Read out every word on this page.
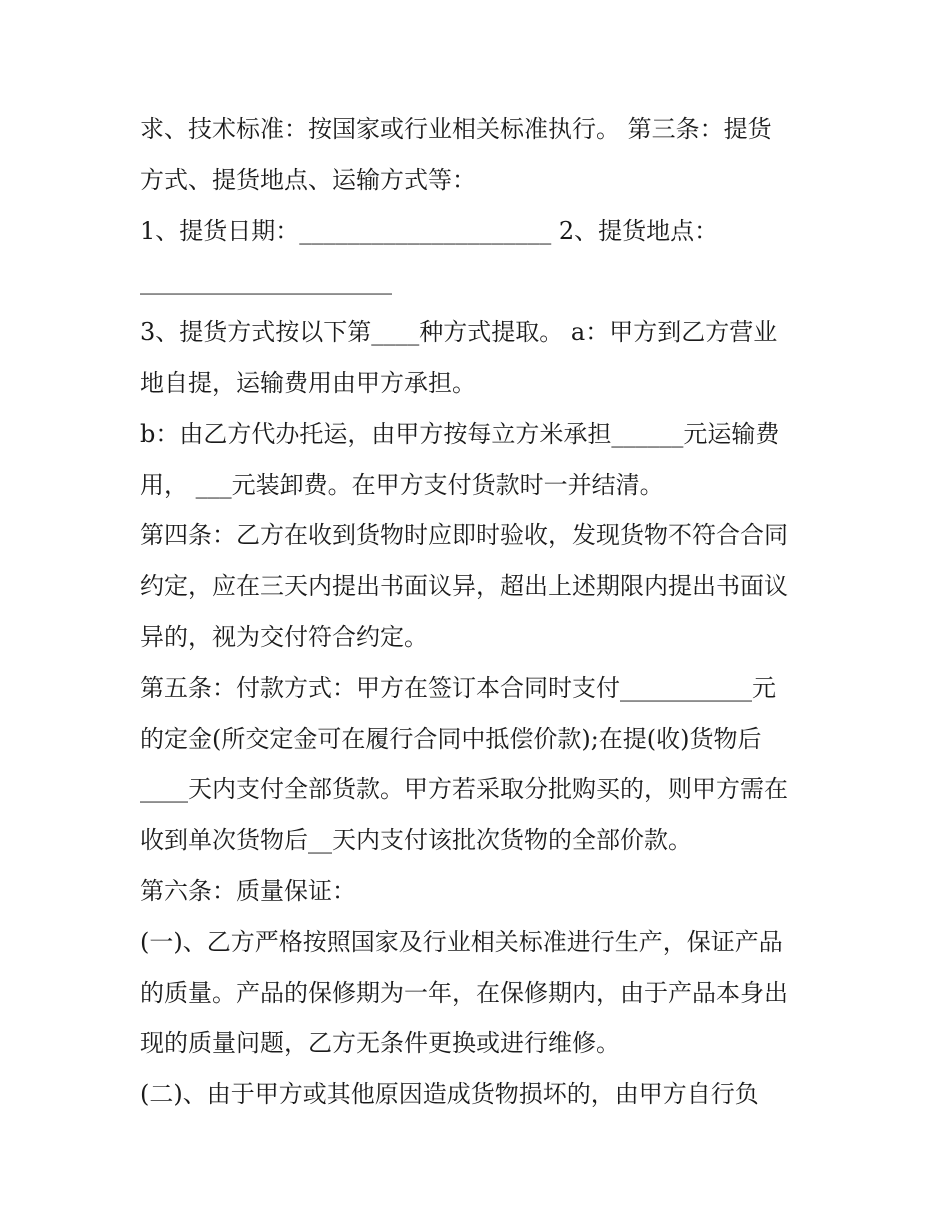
求、技术标准：按国家或行业相关标准执行。 第三条：提货
方式、提货地点、运输方式等：
1、提货日期：_____________________ 2、提货地点：
_____________________
3、提货方式按以下第____种方式提取。 a：甲方到乙方营业
地自提，运输费用由甲方承担。
b：由乙方代办托运，由甲方按每立方米承担______元运输费
用， ___元装卸费。在甲方支付货款时一并结清。
第四条：乙方在收到货物时应即时验收，发现货物不符合合同
约定，应在三天内提出书面议异，超出上述期限内提出书面议
异的，视为交付符合约定。
第五条：付款方式：甲方在签订本合同时支付___________元
的定金(所交定金可在履行合同中抵偿价款);在提(收)货物后
____天内支付全部货款。甲方若采取分批购买的，则甲方需在
收到单次货物后__天内支付该批次货物的全部价款。
第六条：质量保证：
(一)、乙方严格按照国家及行业相关标准进行生产，保证产品
的质量。产品的保修期为一年，在保修期内，由于产品本身出
现的质量问题，乙方无条件更换或进行维修。
(二)、由于甲方或其他原因造成货物损坏的，由甲方自行负
